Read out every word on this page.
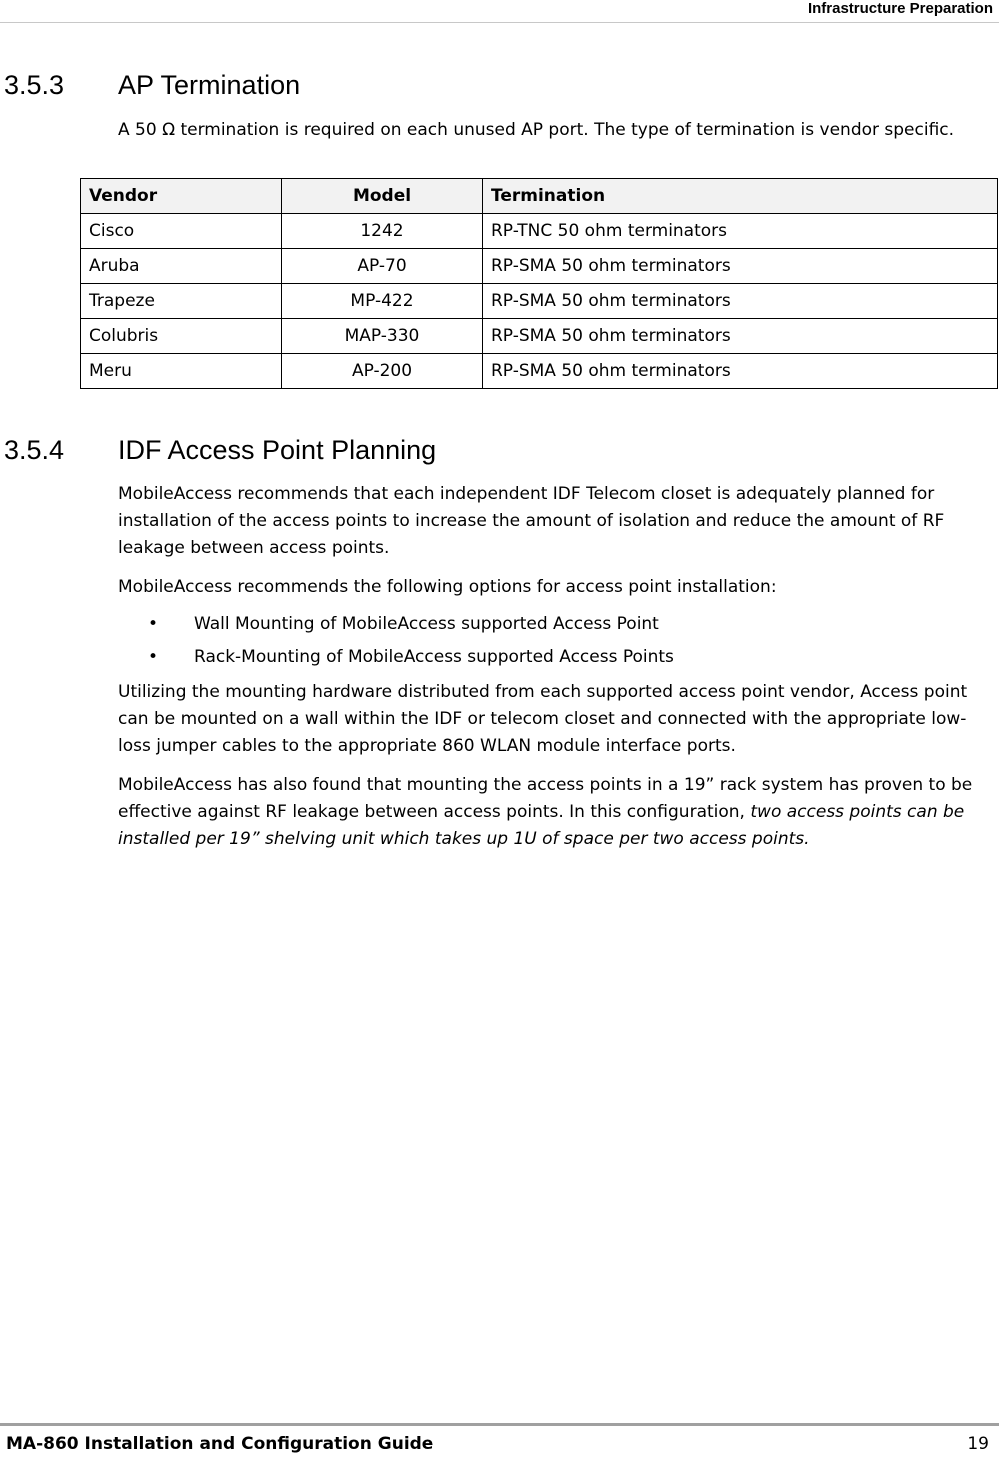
Infrastructure Preparation
3.5.3 AP Termination
A 50 Ω termination is required on each unused AP port. The type of termination is vendor specific.
Vendor	Model	Termination
Cisco	1242	RP-TNC 50 ohm terminators
Aruba	AP-70	RP-SMA 50 ohm terminators
Trapeze	MP-422	RP-SMA 50 ohm terminators
Colubris	MAP-330	RP-SMA 50 ohm terminators
Meru	AP-200	RP-SMA 50 ohm terminators
3.5.4 IDF Access Point Planning
MobileAccess recommends that each independent IDF Telecom closet is adequately planned for installation of the access points to increase the amount of isolation and reduce the amount of RF leakage between access points.
MobileAccess recommends the following options for access point installation:
• Wall Mounting of MobileAccess supported Access Point
• Rack-Mounting of MobileAccess supported Access Points
Utilizing the mounting hardware distributed from each supported access point vendor, Access point can be mounted on a wall within the IDF or telecom closet and connected with the appropriate low-loss jumper cables to the appropriate 860 WLAN module interface ports.
MobileAccess has also found that mounting the access points in a 19” rack system has proven to be effective against RF leakage between access points. In this configuration, two access points can be installed per 19” shelving unit which takes up 1U of space per two access points.
MA-860 Installation and Configuration Guide	19
